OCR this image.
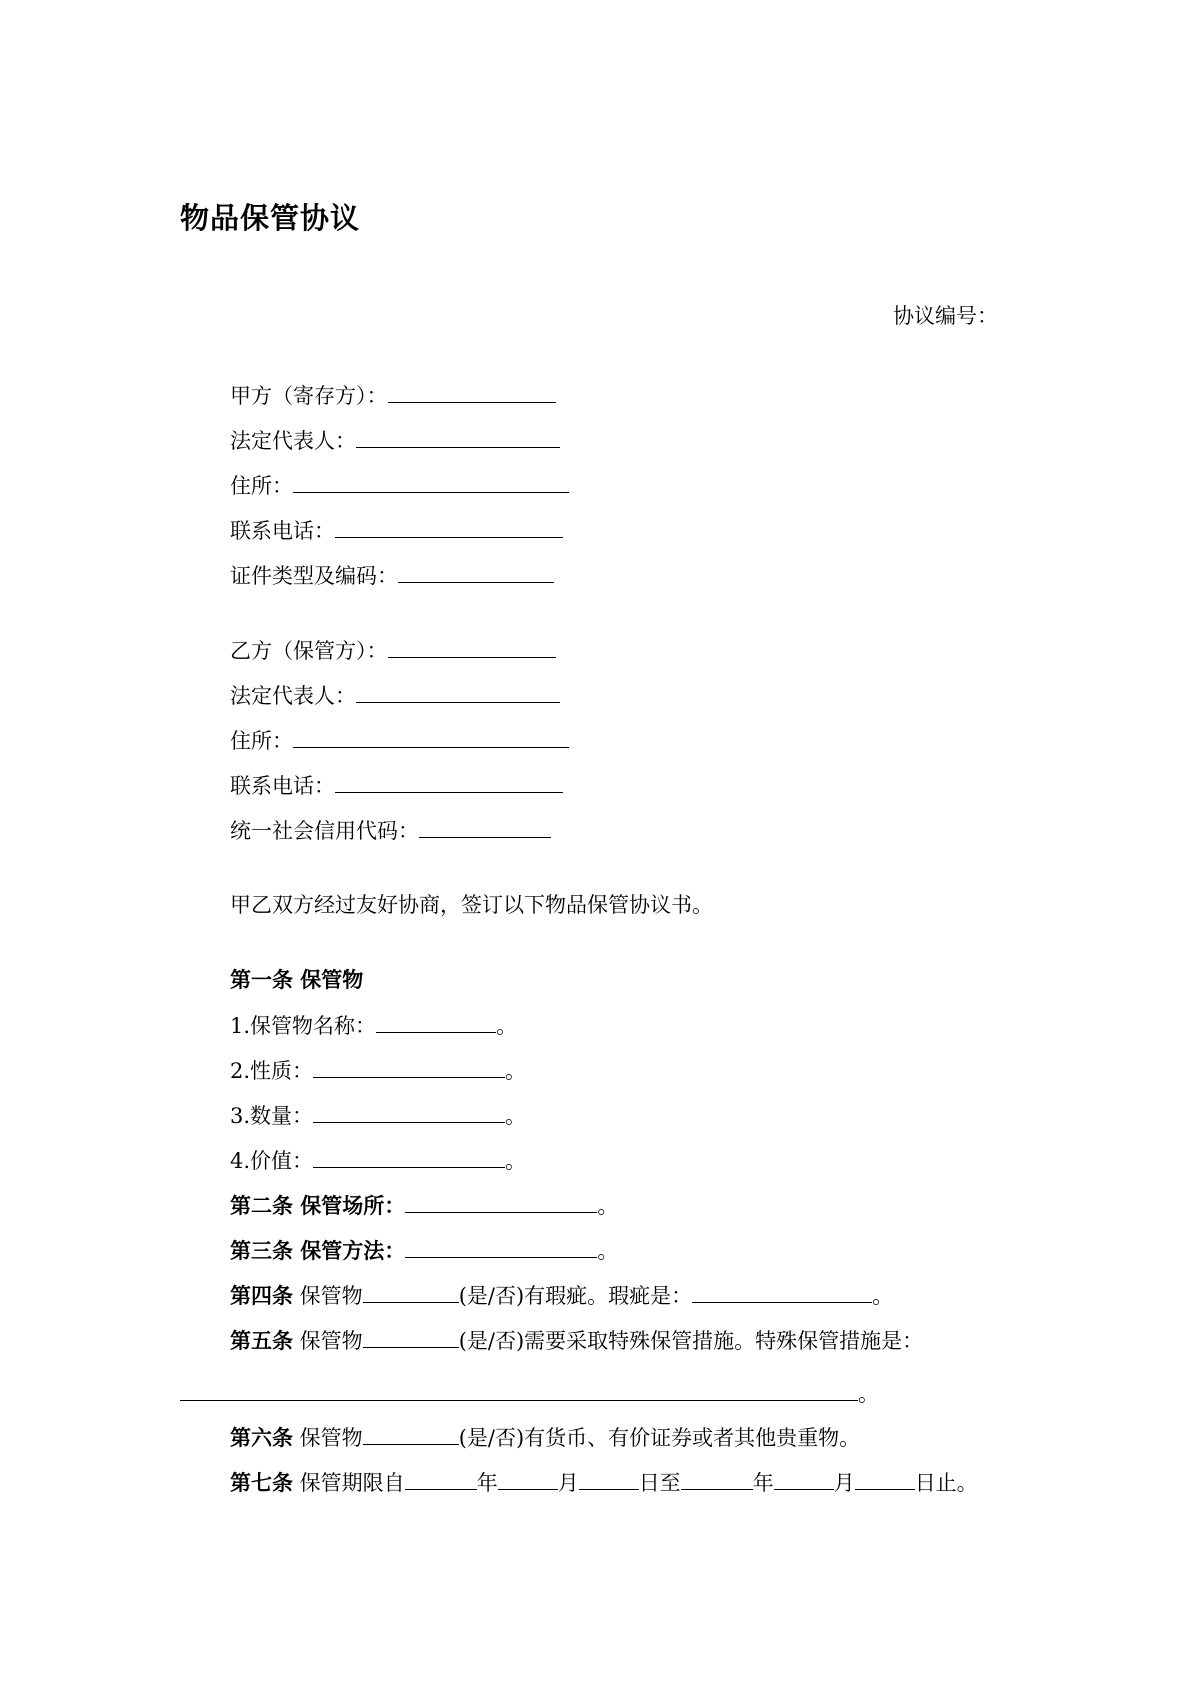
物品保管协议
协议编号：
甲方（寄存方）：
法定代表人：
住所：
联系电话：
证件类型及编码：
乙方（保管方）：
法定代表人：
住所：
联系电话：
统一社会信用代码：
甲乙双方经过友好协商，签订以下物品保管协议书。
第一条 保管物
1.保管物名称：	。
2.性质：	。
3.数量：	。
4.价值：	。
第二条 保管场所：	。
第三条 保管方法：	。
第四条 保管物	(是/否)有瑕疵。瑕疵是：	。
第五条 保管物	(是/否)需要采取特殊保管措施。特殊保管措施是：
。
第六条 保管物	(是/否)有货币、有价证券或者其他贵重物。
第七条 保管期限自	年	月	日至	年	月	日止。
